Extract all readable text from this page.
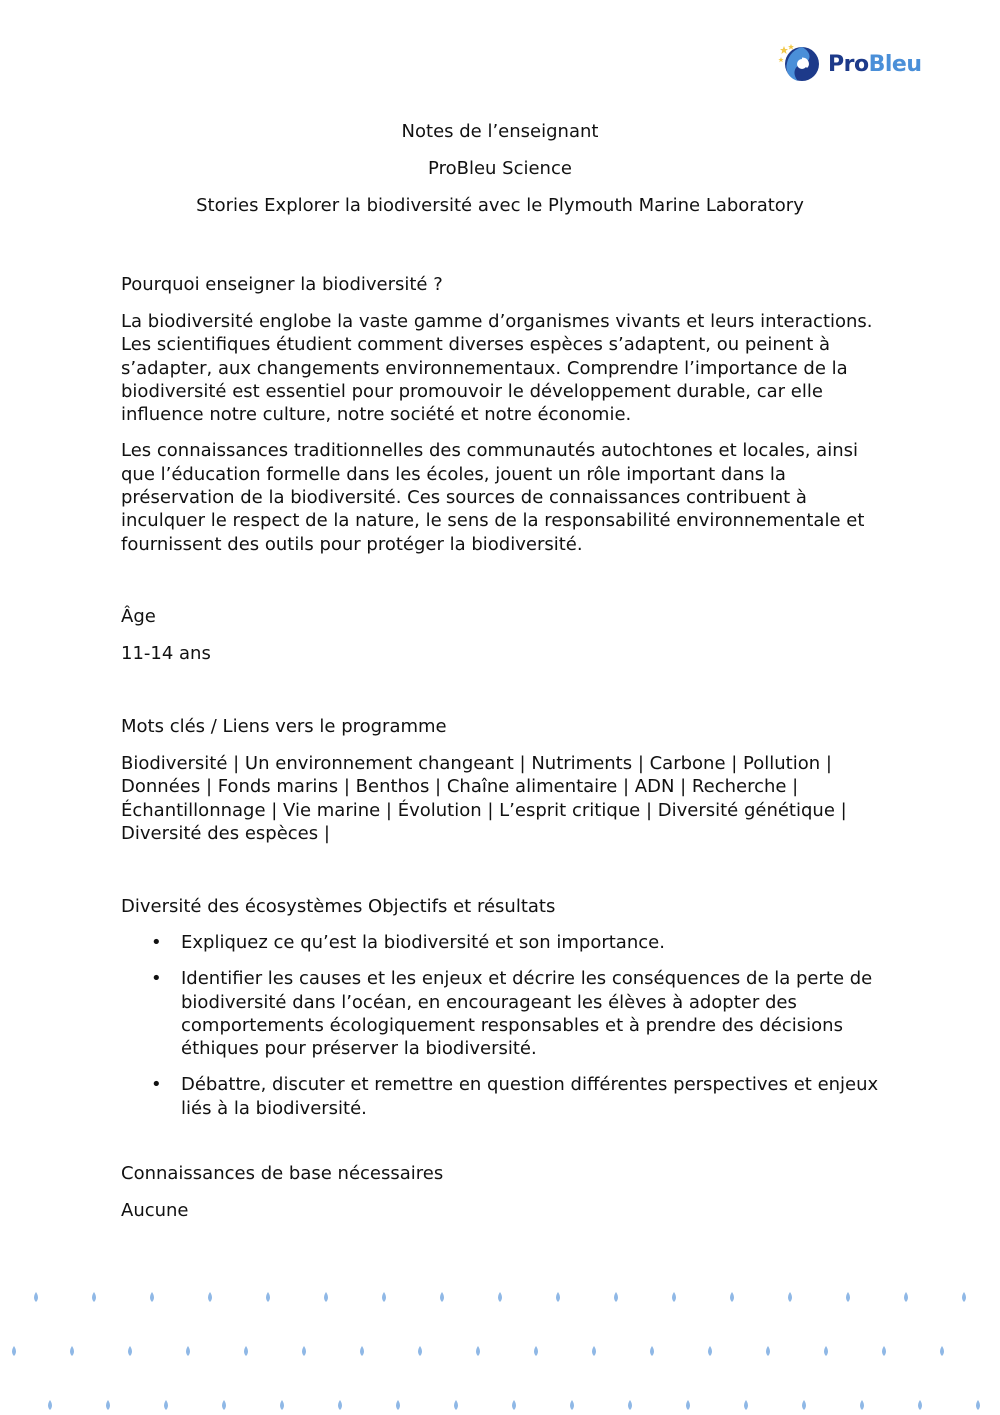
ProBleu
Notes de l’enseignant
ProBleu Science
Stories Explorer la biodiversité avec le Plymouth Marine Laboratory
Pourquoi enseigner la biodiversité ?

La biodiversité englobe la vaste gamme d’organismes vivants et leurs interactions. Les scientifiques étudient comment diverses espèces s’adaptent, ou peinent à s’adapter, aux changements environnementaux. Comprendre l’importance de la biodiversité est essentiel pour promouvoir le développement durable, car elle influence notre culture, notre société et notre économie.

Les connaissances traditionnelles des communautés autochtones et locales, ainsi que l’éducation formelle dans les écoles, jouent un rôle important dans la préservation de la biodiversité. Ces sources de connaissances contribuent à inculquer le respect de la nature, le sens de la responsabilité environnementale et fournissent des outils pour protéger la biodiversité.

Âge
11-14 ans
Mots clés / Liens vers le programme
Biodiversité | Un environnement changeant | Nutriments | Carbone | Pollution | Données | Fonds marins | Benthos | Chaîne alimentaire | ADN | Recherche | Échantillonnage | Vie marine | Évolution | L’esprit critique | Diversité génétique | Diversité des espèces |
Diversité des écosystèmes Objectifs et résultats
• Expliquez ce qu’est la biodiversité et son importance.
• Identifier les causes et les enjeux et décrire les conséquences de la perte de biodiversité dans l’océan, en encourageant les élèves à adopter des comportements écologiquement responsables et à prendre des décisions éthiques pour préserver la biodiversité.
• Débattre, discuter et remettre en question différentes perspectives et enjeux liés à la biodiversité.
Connaissances de base nécessaires
Aucune
